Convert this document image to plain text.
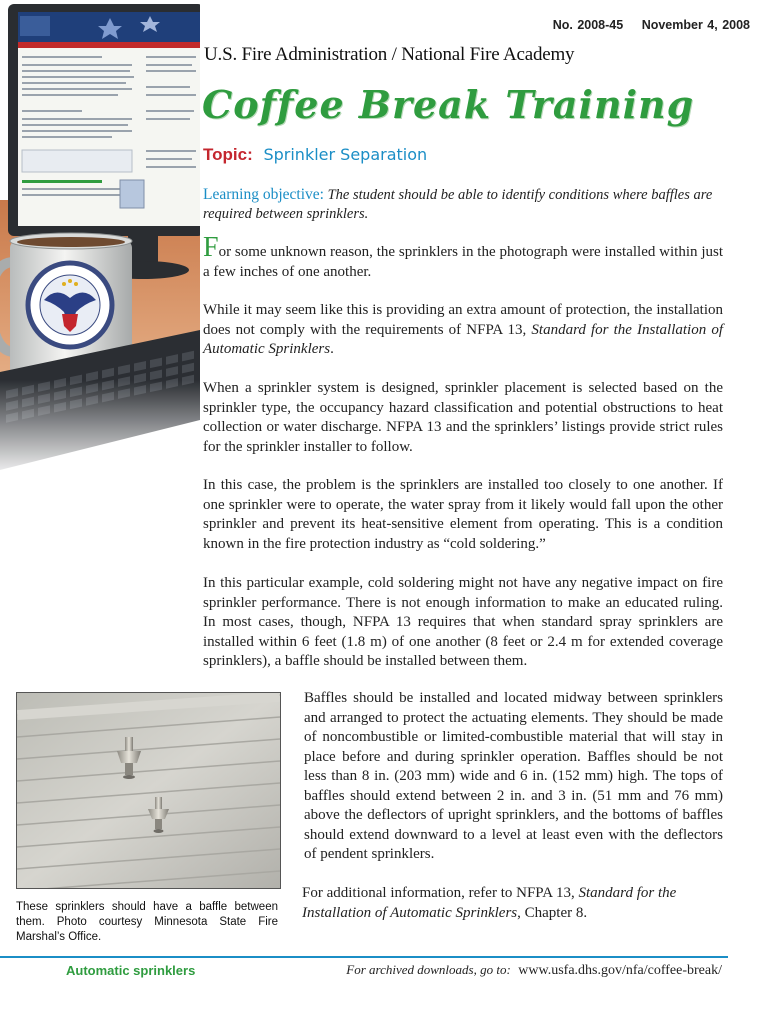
No. 2008-45 November 4, 2008
U.S. Fire Administration / National Fire Academy
Coffee Break Training
Topic: Sprinkler Separation
Learning objective: The student should be able to identify conditions where baffles are required between sprinklers.

For some unknown reason, the sprinklers in the photograph were installed within just a few inches of one another.

While it may seem like this is providing an extra amount of protection, the installation does not comply with the requirements of NFPA 13, Standard for the Installation of Automatic Sprinklers.

When a sprinkler system is designed, sprinkler placement is selected based on the sprinkler type, the occupancy hazard classification and potential obstructions to heat collection or water discharge. NFPA 13 and the sprinklers’ listings provide strict rules for the sprinkler installer to follow.

In this case, the problem is the sprinklers are installed too closely to one another. If one sprinkler were to operate, the water spray from it likely would fall upon the other sprinkler and prevent its heat-sensitive element from operating. This is a condition known in the fire protection industry as “cold soldering.”

In this particular example, cold soldering might not have any negative impact on fire sprinkler performance. There is not enough information to make an educated ruling. In most cases, though, NFPA 13 requires that when standard spray sprinklers are installed within 6 feet (1.8 m) of one another (8 feet or 2.4 m for extended coverage sprinklers), a baffle should be installed between them.

These sprinklers should have a baffle between them. Photo courtesy Minnesota State Fire Marshal’s Office.

Baffles should be installed and located midway between sprinklers and arranged to protect the actuating elements. They should be made of noncombustible or limited-combustible material that will stay in place before and during sprinkler operation. Baffles should be not less than 8 in. (203 mm) wide and 6 in. (152 mm) high. The tops of baffles should extend between 2 in. and 3 in. (51 mm and 76 mm) above the deflectors of upright sprinklers, and the bottoms of baffles should extend downward to a level at least even with the deflectors of pendent sprinklers.

For additional information, refer to NFPA 13, Standard for the Installation of Automatic Sprinklers, Chapter 8.

Automatic sprinklers	For archived downloads, go to: www.usfa.dhs.gov/nfa/coffee-break/
